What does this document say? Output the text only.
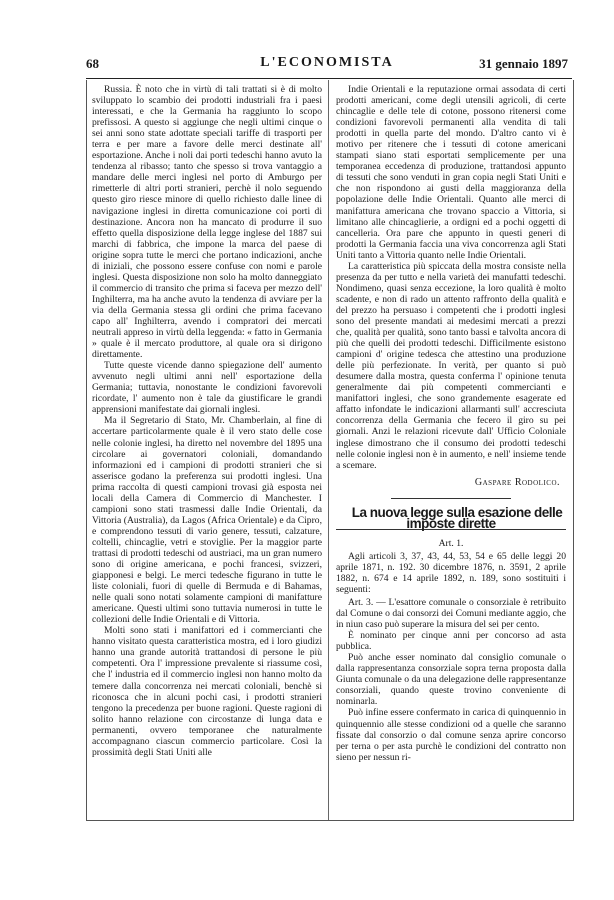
68	L'ECONOMISTA	31 gennaio 1897

Russia. È noto che in virtù di tali trattati si è di molto sviluppato lo scambio dei prodotti industriali fra i paesi interessati, e che la Germania ha raggiunto lo scopo prefissosi. A questo si aggiunge che negli ultimi cinque o sei anni sono state adottate speciali tariffe di trasporti per terra e per mare a favore delle merci destinate all' esportazione. Anche i noli dai porti tedeschi hanno avuto la tendenza al ribasso; tanto che spesso si trova vantaggio a mandare delle merci inglesi nel porto di Amburgo per rimetterle di altri porti stranieri, perchè il nolo seguendo questo giro riesce minore di quello richiesto dalle linee di navigazione inglesi in diretta comunicazione coi porti di destinazione. Ancora non ha mancato di produrre il suo effetto quella disposizione della legge inglese del 1887 sui marchi di fabbrica, che impone la marca del paese di origine sopra tutte le merci che portano indicazioni, anche di iniziali, che possono essere confuse con nomi e parole inglesi. Questa disposizione non solo ha molto danneggiato il commercio di transito che prima si faceva per mezzo dell' Inghilterra, ma ha anche avuto la tendenza di avviare per la via della Germania stessa gli ordini che prima facevano capo all' Inghilterra, avendo i compratori dei mercati neutrali appreso in virtù della leggenda: « fatto in Germania » quale è il mercato produttore, al quale ora si dirigono direttamente.

Tutte queste vicende danno spiegazione dell' aumento avvenuto negli ultimi anni nell' esportazione della Germania; tuttavia, nonostante le condizioni favorevoli ricordate, l' aumento non è tale da giustificare le grandi apprensioni manifestate dai giornali inglesi.

Ma il Segretario di Stato, Mr. Chamberlain, al fine di accertare particolarmente quale è il vero stato delle cose nelle colonie inglesi, ha diretto nel novembre del 1895 una circolare ai governatori coloniali, domandando informazioni ed i campioni di prodotti stranieri che si asserisce godano la preferenza sui prodotti inglesi. Una prima raccolta di questi campioni trovasi già esposta nei locali della Camera di Commercio di Manchester. I campioni sono stati trasmessi dalle Indie Orientali, da Vittoria (Australia), da Lagos (Africa Orientale) e da Cipro, e comprendono tessuti di vario genere, tessuti, calzature, coltelli, chincaglie, vetri e stoviglie. Per la maggior parte trattasi di prodotti tedeschi od austriaci, ma un gran numero sono di origine americana, e pochi francesi, svizzeri, giapponesi e belgi. Le merci tedesche figurano in tutte le liste coloniali, fuori di quelle di Bermuda e di Bahamas, nelle quali sono notati solamente campioni di manifatture americane. Questi ultimi sono tuttavia numerosi in tutte le collezioni delle Indie Orientali e di Vittoria.

Molti sono stati i manifattori ed i commercianti che hanno visitato questa caratteristica mostra, ed i loro giudizi hanno una grande autorità trattandosi di persone le più competenti. Ora l' impressione prevalente si riassume così, che l' industria ed il commercio inglesi non hanno molto da temere dalla concorrenza nei mercati coloniali, benchè si riconosca che in alcuni pochi casi, i prodotti stranieri tengono la precedenza per buone ragioni. Queste ragioni di solito hanno relazione con circostanze di lunga data e permanenti, ovvero temporanee che naturalmente accompagnano ciascun commercio particolare. Così la prossimità degli Stati Uniti alle

Indie Orientali e la reputazione ormai assodata di certi prodotti americani, come degli utensili agricoli, di certe chincaglie e delle tele di cotone, possono ritenersi come condizioni favorevoli permanenti alla vendita di tali prodotti in quella parte del mondo. D'altro canto vi è motivo per ritenere che i tessuti di cotone americani stampati siano stati esportati semplicemente per una temporanea eccedenza di produzione, trattandosi appunto di tessuti che sono venduti in gran copia negli Stati Uniti e che non rispondono ai gusti della maggioranza della popolazione delle Indie Orientali. Quanto alle merci di manifattura americana che trovano spaccio a Vittoria, si limitano alle chincaglierie, a ordigni ed a pochi oggetti di cancelleria. Ora pare che appunto in questi generi di prodotti la Germania faccia una viva concorrenza agli Stati Uniti tanto a Vittoria quanto nelle Indie Orientali.

La caratteristica più spiccata della mostra consiste nella presenza da per tutto e nella varietà dei manufatti tedeschi. Nondimeno, quasi senza eccezione, la loro qualità è molto scadente, e non di rado un attento raffronto della qualità e del prezzo ha persuaso i competenti che i prodotti inglesi sono del presente mandati ai medesimi mercati a prezzi che, qualità per qualità, sono tanto bassi e talvolta ancora di più che quelli dei prodotti tedeschi. Difficilmente esistono campioni d' origine tedesca che attestino una produzione delle più perfezionate. In verità, per quanto si può desumere dalla mostra, questa conferma l' opinione tenuta generalmente dai più competenti commercianti e manifattori inglesi, che sono grandemente esagerate ed affatto infondate le indicazioni allarmanti sull' accresciuta concorrenza della Germania che fecero il giro su pei giornali. Anzi le relazioni ricevute dall' Ufficio Coloniale inglese dimostrano che il consumo dei prodotti tedeschi nelle colonie inglesi non è in aumento, e nell' insieme tende a scemare.

Gaspare Rodolico.

La nuova legge sulla esazione delle imposte dirette

Art. 1.

Agli articoli 3, 37, 43, 44, 53, 54 e 65 delle leggi 20 aprile 1871, n. 192. 30 dicembre 1876, n. 3591, 2 aprile 1882, n. 674 e 14 aprile 1892, n. 189, sono sostituiti i seguenti:

Art. 3. — L'esattore comunale o consorziale è retribuito dal Comune o dai consorzi dei Comuni mediante aggio, che in niun caso può superare la misura del sei per cento.

È nominato per cinque anni per concorso ad asta pubblica.

Può anche esser nominato dal consiglio comunale o dalla rappresentanza consorziale sopra terna proposta dalla Giunta comunale o da una delegazione delle rappresentanze consorziali, quando queste trovino conveniente di nominarla.

Può infine essere confermato in carica di quinquennio in quinquennio alle stesse condizioni od a quelle che saranno fissate dal consorzio o dal comune senza aprire concorso per terna o per asta purchè le condizioni del contratto non sieno per nessun ri-
